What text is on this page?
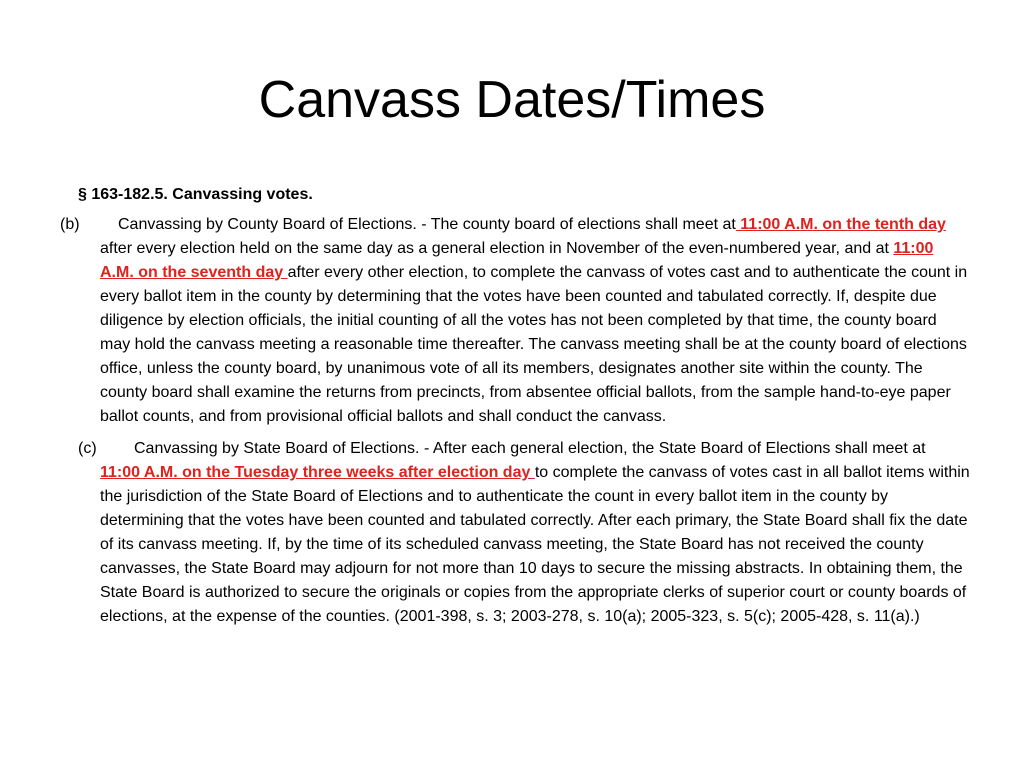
Canvass Dates/Times
§ 163-182.5. Canvassing votes.
(b) Canvassing by County Board of Elections. - The county board of elections shall meet at 11:00 A.M. on the tenth day after every election held on the same day as a general election in November of the even-numbered year, and at 11:00 A.M. on the seventh day after every other election, to complete the canvass of votes cast and to authenticate the count in every ballot item in the county by determining that the votes have been counted and tabulated correctly. If, despite due diligence by election officials, the initial counting of all the votes has not been completed by that time, the county board may hold the canvass meeting a reasonable time thereafter. The canvass meeting shall be at the county board of elections office, unless the county board, by unanimous vote of all its members, designates another site within the county. The county board shall examine the returns from precincts, from absentee official ballots, from the sample hand-to-eye paper ballot counts, and from provisional official ballots and shall conduct the canvass.
(c) Canvassing by State Board of Elections. - After each general election, the State Board of Elections shall meet at 11:00 A.M. on the Tuesday three weeks after election day to complete the canvass of votes cast in all ballot items within the jurisdiction of the State Board of Elections and to authenticate the count in every ballot item in the county by determining that the votes have been counted and tabulated correctly. After each primary, the State Board shall fix the date of its canvass meeting. If, by the time of its scheduled canvass meeting, the State Board has not received the county canvasses, the State Board may adjourn for not more than 10 days to secure the missing abstracts. In obtaining them, the State Board is authorized to secure the originals or copies from the appropriate clerks of superior court or county boards of elections, at the expense of the counties. (2001-398, s. 3; 2003-278, s. 10(a); 2005-323, s. 5(c); 2005-428, s. 11(a).)
